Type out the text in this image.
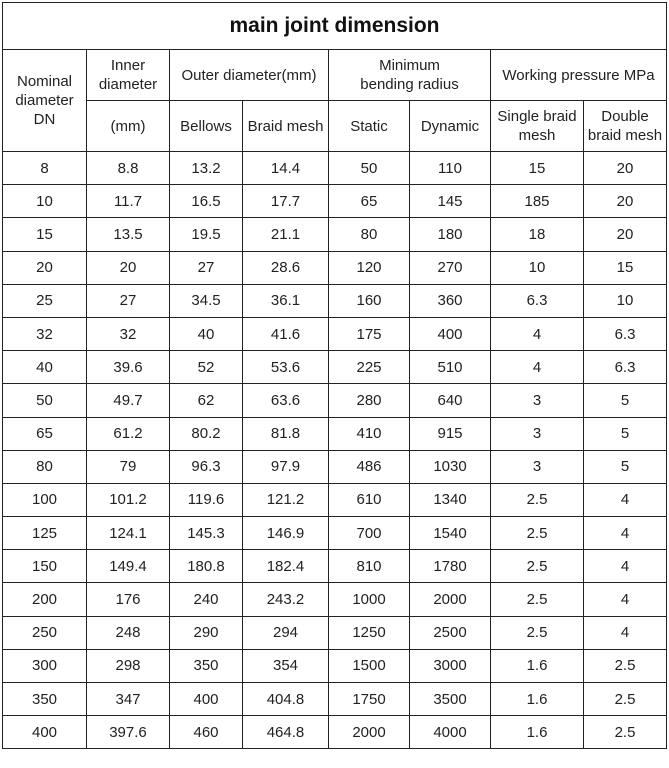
main joint dimension							
Nominal diameter DN	Inner diameter	Outer diameter(mm)		Minimum bending radius		Working pressure MPa	
	(mm)	Bellows	Braid mesh	Static	Dynamic	Single braid mesh	Double braid mesh
8	8.8	13.2	14.4	50	110	15	20
10	11.7	16.5	17.7	65	145	185	20
15	13.5	19.5	21.1	80	180	18	20
20	20	27	28.6	120	270	10	15
25	27	34.5	36.1	160	360	6.3	10
32	32	40	41.6	175	400	4	6.3
40	39.6	52	53.6	225	510	4	6.3
50	49.7	62	63.6	280	640	3	5
65	61.2	80.2	81.8	410	915	3	5
80	79	96.3	97.9	486	1030	3	5
100	101.2	119.6	121.2	610	1340	2.5	4
125	124.1	145.3	146.9	700	1540	2.5	4
150	149.4	180.8	182.4	810	1780	2.5	4
200	176	240	243.2	1000	2000	2.5	4
250	248	290	294	1250	2500	2.5	4
300	298	350	354	1500	3000	1.6	2.5
350	347	400	404.8	1750	3500	1.6	2.5
400	397.6	460	464.8	2000	4000	1.6	2.5
